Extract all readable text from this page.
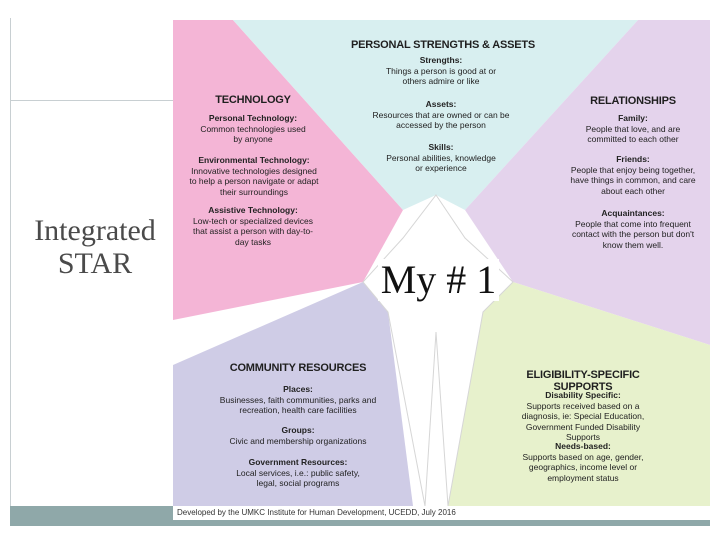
Integrated STAR
PERSONAL STRENGTHS & ASSETS
Strengths:
Things a person is good at or others admire or like
Assets:
Resources that are owned or can be accessed by the person
Skills:
Personal abilities, knowledge or experience
TECHNOLOGY
Personal Technology:
Common technologies used by anyone
Environmental Technology:
Innovative technologies designed to help a person navigate or adapt their surroundings
Assistive Technology:
Low-tech or specialized devices that assist a person with day-to-day tasks
RELATIONSHIPS
Family:
People that love, and are committed to each other
Friends:
People that enjoy being together, have things in common, and care about each other
Acquaintances:
People that come into frequent contact with the person but don't know them well.
COMMUNITY RESOURCES
Places:
Businesses, faith communities, parks and recreation, health care facilities
Groups:
Civic and membership organizations
Government Resources:
Local services, i.e.: public safety, legal, social programs
ELIGIBILITY-SPECIFIC SUPPORTS
Disability Specific:
Supports received based on a diagnosis, ie: Special Education, Government Funded Disability Supports
Needs-based:
Supports based on age, gender, geographics, income level or employment status
My # 1
Developed by the UMKC Institute for Human Development, UCEDD, July 2016
